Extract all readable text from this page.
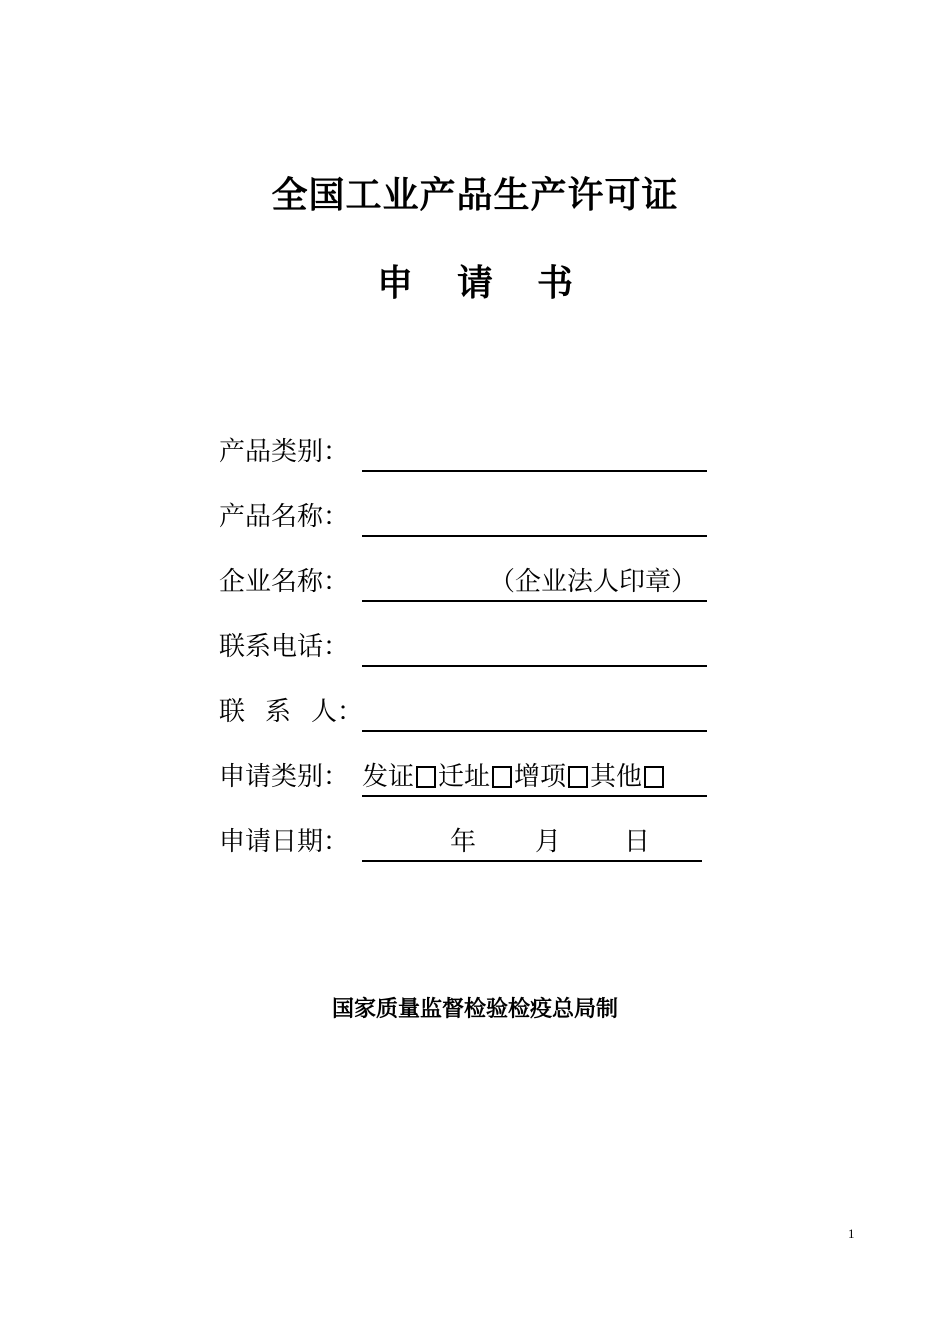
全国工业产品生产许可证
申 请 书
产品类别：
产品名称：
企业名称：	（企业法人印章）
联系电话：
联 系 人：
申请类别： 发证 迁址 增项 其他
申请日期：	年 月 日
国家质量监督检验检疫总局制
1
